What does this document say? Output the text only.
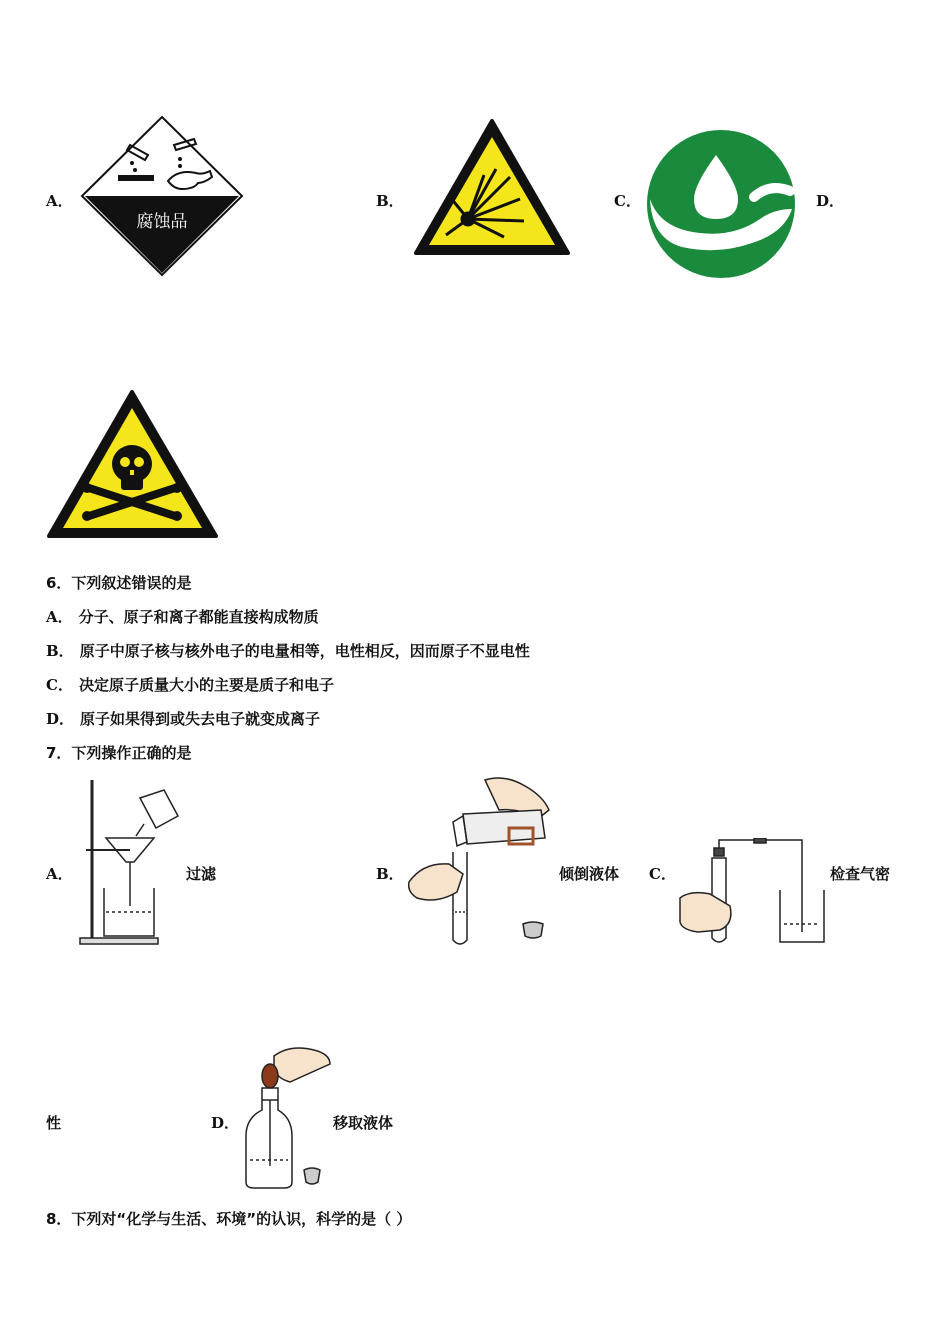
A．
腐蚀品
B．	C．	D．
6．下列叙述错误的是
A． 分子、原子和离子都能直接构成物质
B． 原子中原子核与核外电子的电量相等，电性相反，因而原子不显电性
C． 决定原子质量大小的主要是质子和电子
D． 原子如果得到或失去电子就变成离子
7．下列操作正确的是
A．	过滤	B．	倾倒液体 C．	检查气密
性	D．	移取液体
8．下列对“化学与生活、环境”的认识，科学的是（ ）
